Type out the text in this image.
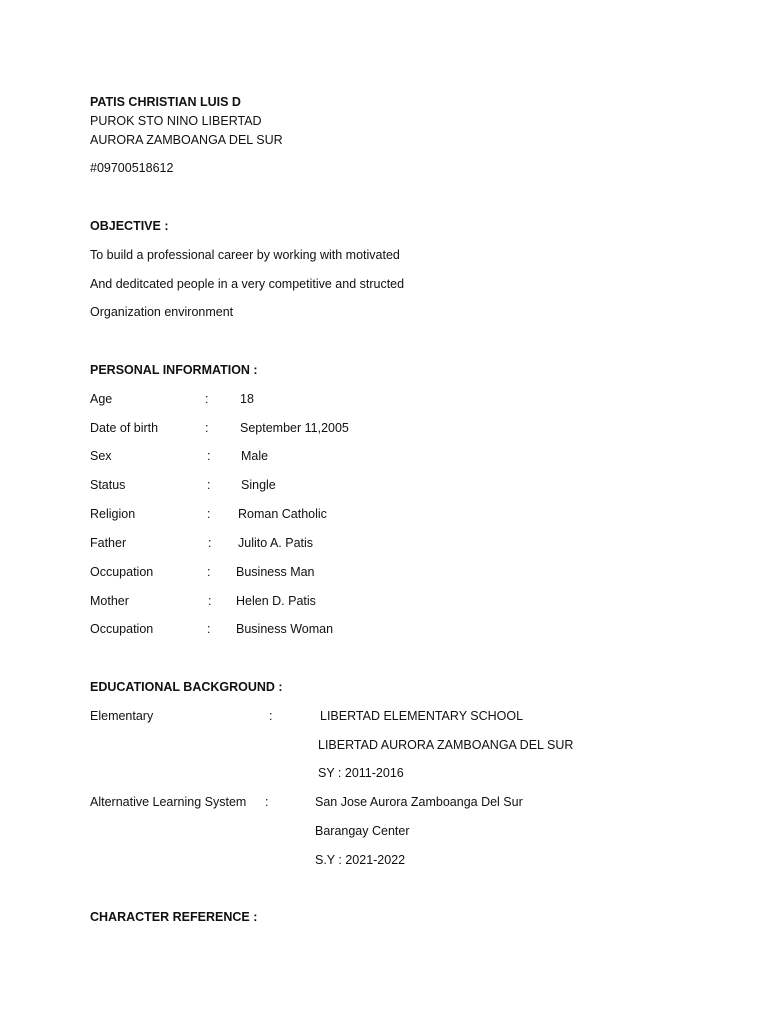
PATIS CHRISTIAN LUIS D
PUROK STO NINO LIBERTAD
AURORA ZAMBOANGA DEL SUR
#09700518612
OBJECTIVE :
To build a professional career by working with motivated
And deditcated people in a very competitive and structed
Organization environment
PERSONAL INFORMATION :
Age	:	18
Date of birth	:	September 11,2005
Sex	: Male
Status	: Single
Religion	: Roman Catholic
Father	: Julito A. Patis
Occupation	: Business Man
Mother	: Helen D. Patis
Occupation	: Business Woman
EDUCATIONAL BACKGROUND :
Elementary	:	LIBERTAD ELEMENTARY SCHOOL
LIBERTAD AURORA ZAMBOANGA DEL SUR
SY : 2011-2016
Alternative Learning System :	San Jose Aurora Zamboanga Del Sur
Barangay Center
S.Y : 2021-2022
CHARACTER REFERENCE :
